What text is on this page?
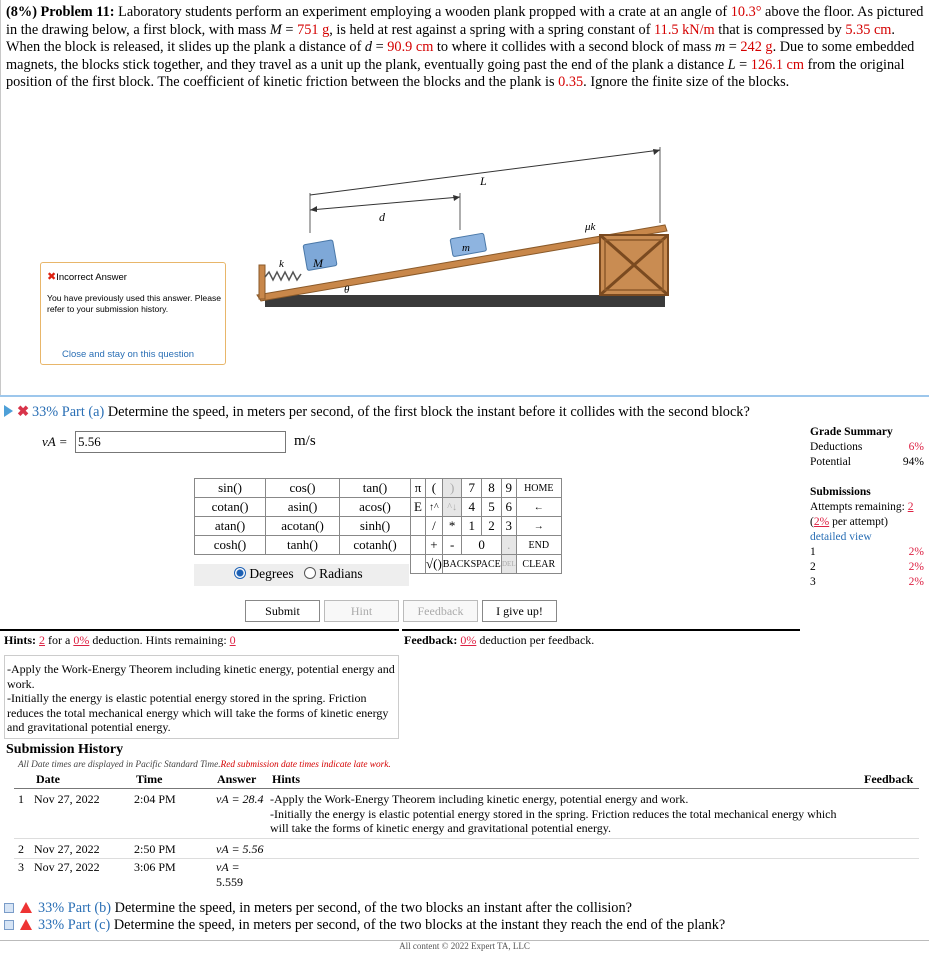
(8%) Problem 11: Laboratory students perform an experiment employing a wooden plank propped with a crate at an angle of 10.3° above the floor. As pictured in the drawing below, a first block, with mass M = 751 g, is held at rest against a spring with a spring constant of 11.5 kN/m that is compressed by 5.35 cm. When the block is released, it slides up the plank a distance of d = 90.9 cm to where it collides with a second block of mass m = 242 g. Due to some embedded magnets, the blocks stick together, and they travel as a unit up the plank, eventually going past the end of the plank a distance L = 126.1 cm from the original position of the first block. The coefficient of kinetic friction between the blocks and the plank is 0.35. Ignore the finite size of the blocks.
L
d
μk
k M
m
θ
✖Incorrect Answer
You have previously used this answer. Please refer to your submission history.
Close and stay on this question
✖ 33% Part (a) Determine the speed, in meters per second, of the first block the instant before it collides with the second block?
vA = 5.56	m/s
sin()	cos()	tan()
cotan()	asin()	acos()
atan()	acotan()	sinh()
cosh()	tanh()	cotanh()
Degrees Radians
π	(	)	7	8	9	HOME
E	↑^	^↓	4	5	6	←
	/	*	1	2	3	→
	+	-	0		.	END
	√()	BACKSPACE			DEL	CLEAR
Submit	Hint	Feedback	I give up!
Hints: 2 for a 0% deduction. Hints remaining: 0	Feedback: 0% deduction per feedback.
-Apply the Work-Energy Theorem including kinetic energy, potential energy and work.
-Initially the energy is elastic potential energy stored in the spring. Friction reduces the total mechanical energy which will take the forms of kinetic energy and gravitational potential energy.
Grade Summary
Deductions	6%
Potential	94%
Submissions
Attempts remaining: 2
(2% per attempt)
detailed view
1	2%
2	2%
3	2%
Submission History
All Date times are displayed in Pacific Standard Time.Red submission date times indicate late work.
Date	Time	Answer Hints	Feedback
1 Nov 27, 2022	2:04 PM	vA = 28.4 -Apply the Work-Energy Theorem including kinetic energy, potential energy and work.
-Initially the energy is elastic potential energy stored in the spring. Friction reduces the total mechanical energy which will take the forms of kinetic energy and gravitational potential energy.
2 Nov 27, 2022	2:50 PM	vA = 5.56
3 Nov 27, 2022	3:06 PM	vA =
5.559
33% Part (b) Determine the speed, in meters per second, of the two blocks an instant after the collision?
33% Part (c) Determine the speed, in meters per second, of the two blocks at the instant they reach the end of the plank?
All content © 2022 Expert TA, LLC
